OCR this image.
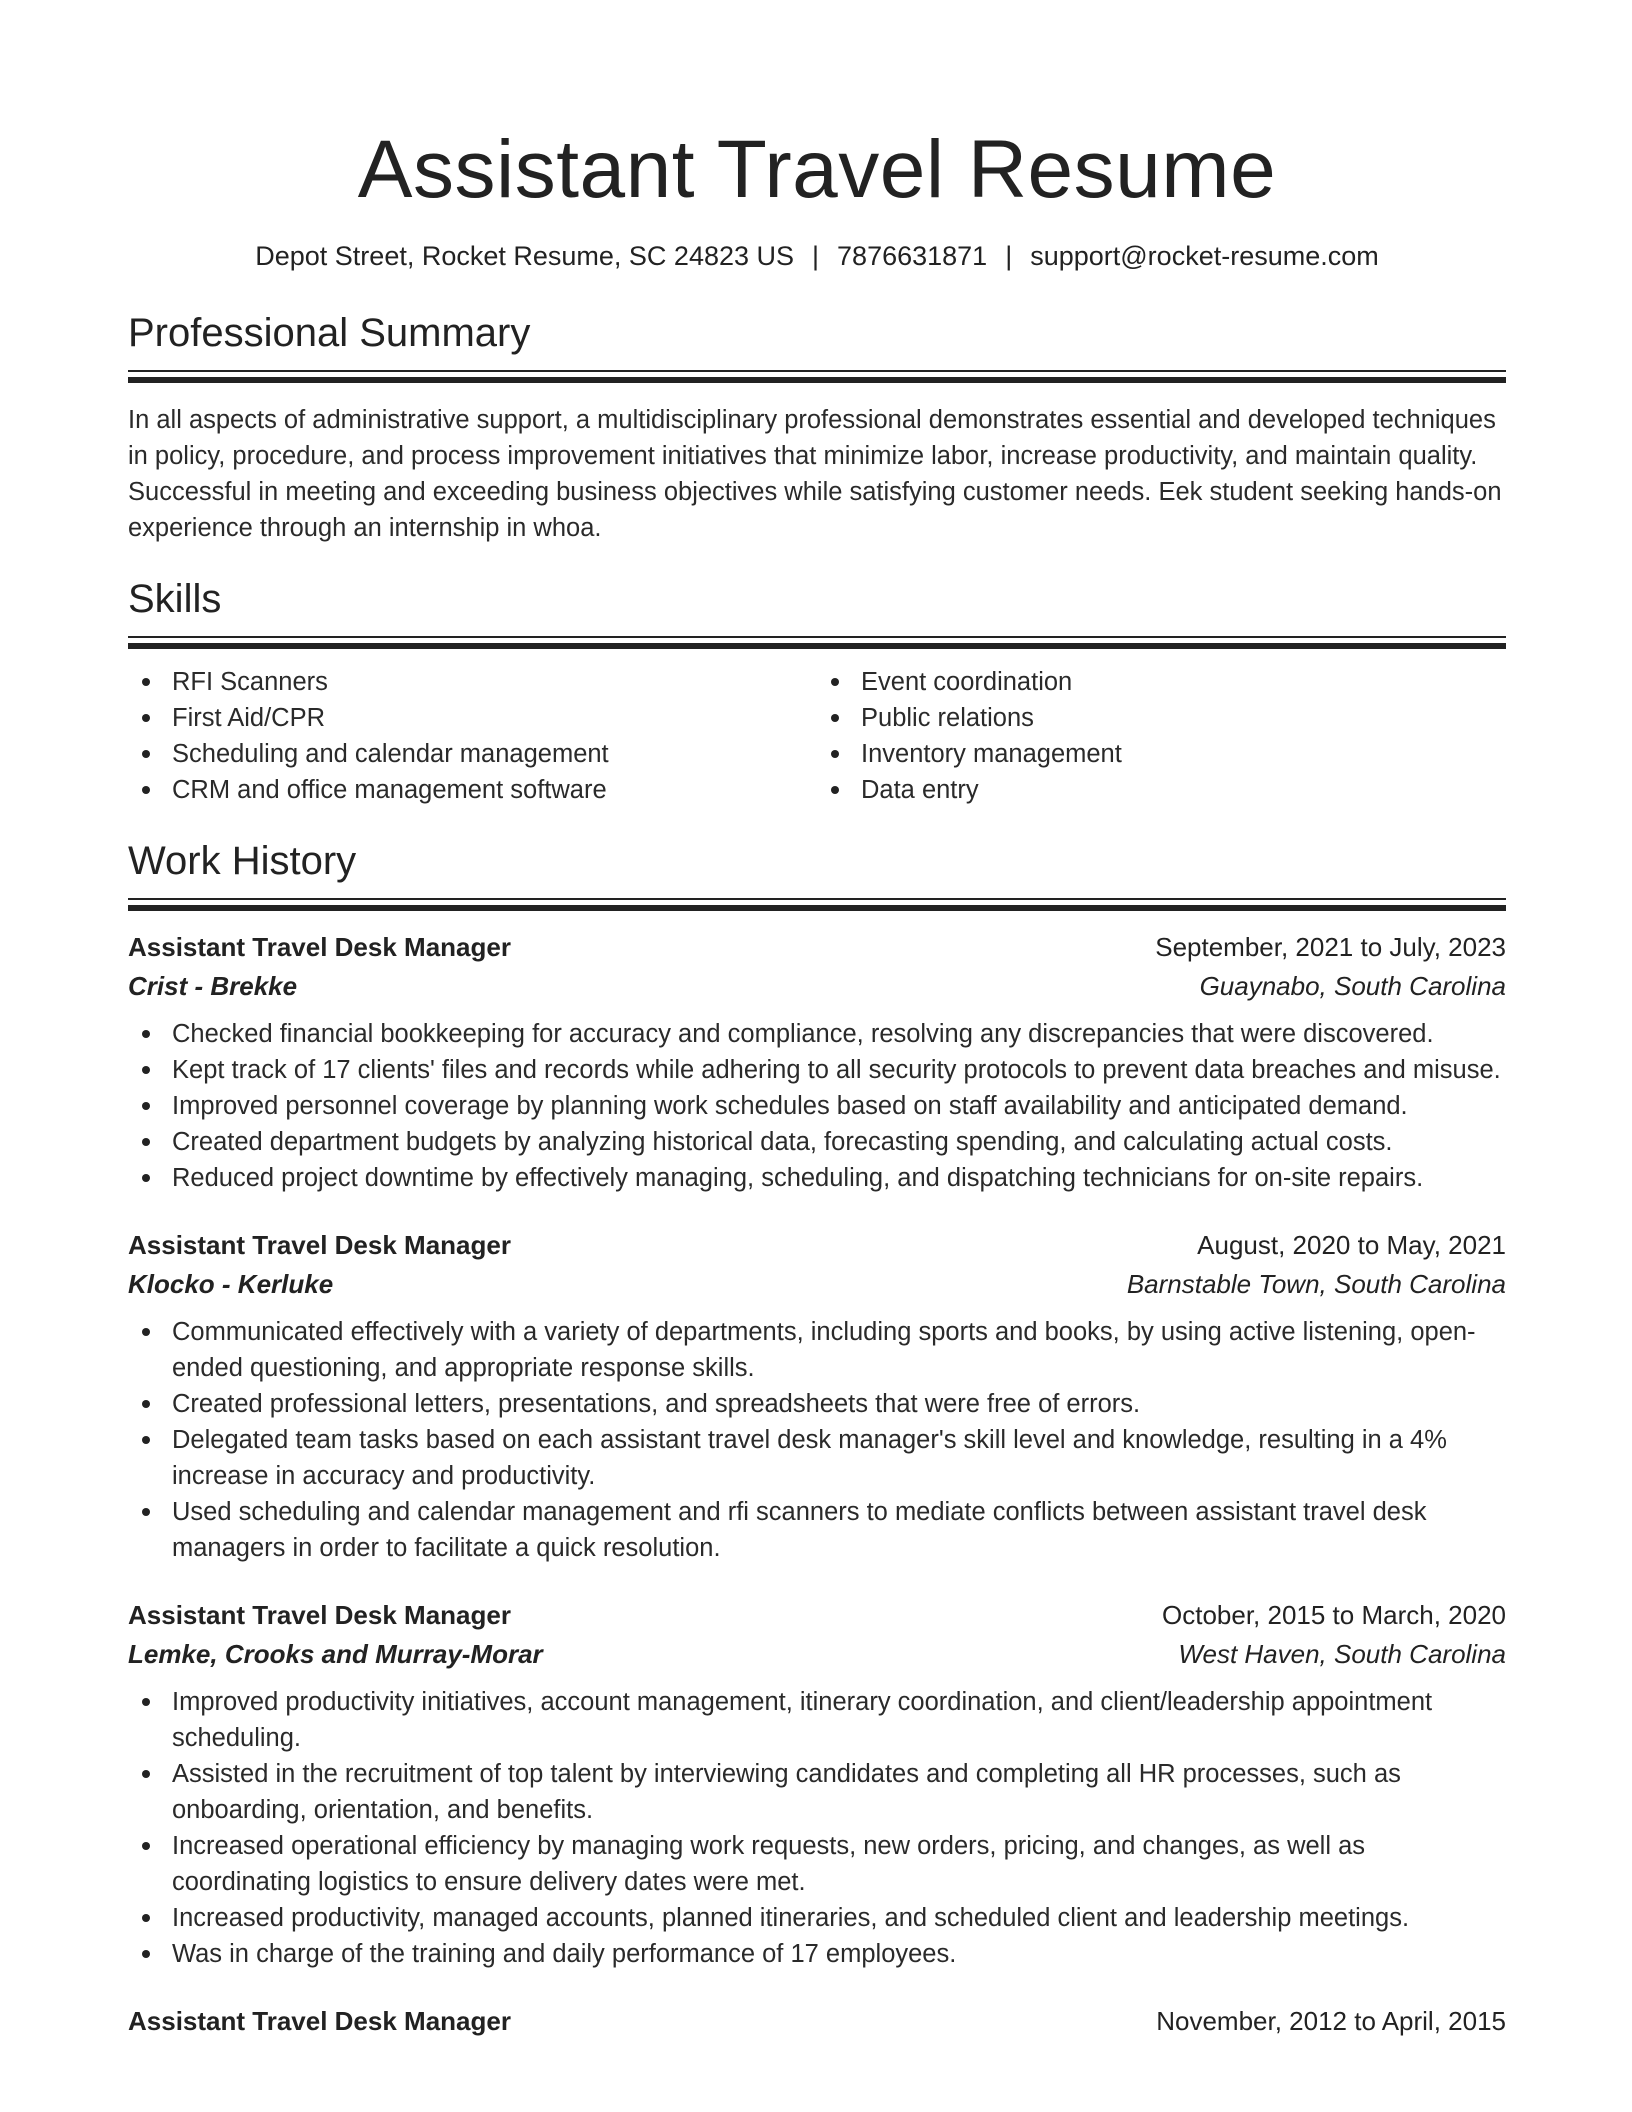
Assistant Travel Resume
Depot Street, Rocket Resume, SC 24823 US | 7876631871 | support@rocket-resume.com
Professional Summary

In all aspects of administrative support, a multidisciplinary professional demonstrates essential and developed techniques in policy, procedure, and process improvement initiatives that minimize labor, increase productivity, and maintain quality. Successful in meeting and exceeding business objectives while satisfying customer needs. Eek student seeking hands-on experience through an internship in whoa.

Skills
RFI Scanners
First Aid/CPR
Scheduling and calendar management
CRM and office management software
Event coordination
Public relations
Inventory management
Data entry
Work History
Assistant Travel Desk Manager	September, 2021 to July, 2023
Crist - Brekke	Guaynabo, South Carolina
Checked financial bookkeeping for accuracy and compliance, resolving any discrepancies that were discovered.
Kept track of 17 clients' files and records while adhering to all security protocols to prevent data breaches and misuse.
Improved personnel coverage by planning work schedules based on staff availability and anticipated demand.
Created department budgets by analyzing historical data, forecasting spending, and calculating actual costs.
Reduced project downtime by effectively managing, scheduling, and dispatching technicians for on-site repairs.
Assistant Travel Desk Manager	August, 2020 to May, 2021
Klocko - Kerluke	Barnstable Town, South Carolina
Communicated effectively with a variety of departments, including sports and books, by using active listening, open-ended questioning, and appropriate response skills.
Created professional letters, presentations, and spreadsheets that were free of errors.
Delegated team tasks based on each assistant travel desk manager's skill level and knowledge, resulting in a 4% increase in accuracy and productivity.
Used scheduling and calendar management and rfi scanners to mediate conflicts between assistant travel desk managers in order to facilitate a quick resolution.
Assistant Travel Desk Manager	October, 2015 to March, 2020
Lemke, Crooks and Murray-Morar	West Haven, South Carolina
Improved productivity initiatives, account management, itinerary coordination, and client/leadership appointment scheduling.
Assisted in the recruitment of top talent by interviewing candidates and completing all HR processes, such as onboarding, orientation, and benefits.
Increased operational efficiency by managing work requests, new orders, pricing, and changes, as well as coordinating logistics to ensure delivery dates were met.
Increased productivity, managed accounts, planned itineraries, and scheduled client and leadership meetings.
Was in charge of the training and daily performance of 17 employees.
Assistant Travel Desk Manager	November, 2012 to April, 2015
